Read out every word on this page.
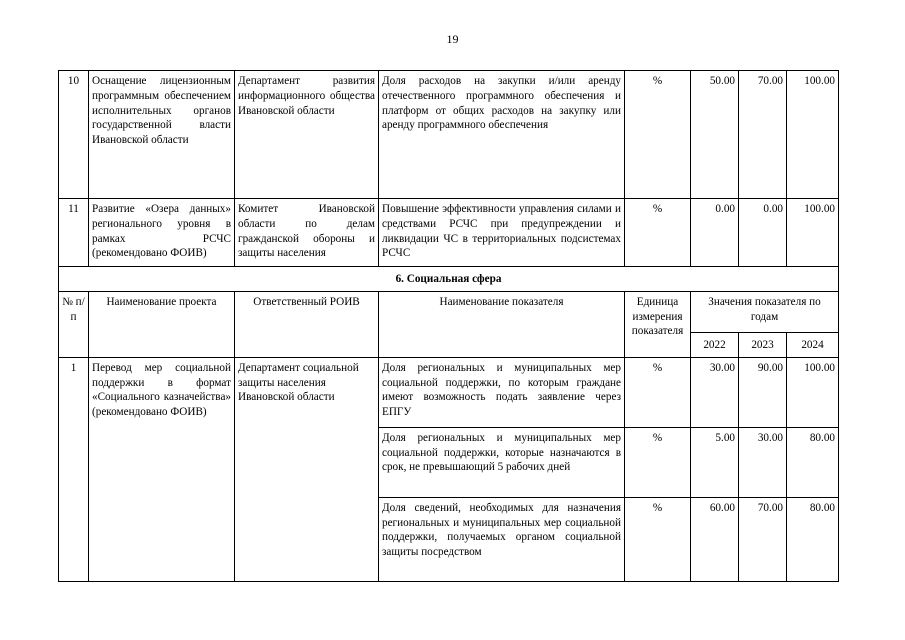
19
10	Оснащение лицензионным программным обеспечением исполнительных органов государственной власти Ивановской области	Департамент развития информационного общества Ивановской области	Доля расходов на закупки и/или аренду отечественного программного обеспечения и платформ от общих расходов на закупку или аренду программного обеспечения	%	50.00	70.00	100.00
11	Развитие «Озера данных» регионального уровня в рамках РСЧС (рекомендовано ФОИВ)	Комитет Ивановской области по делам гражданской обороны и защиты населения	Повышение эффективности управления силами и средствами РСЧС при предупреждении и ликвидации ЧС в территориальных подсистемах РСЧС	%	0.00	0.00	100.00
6. Социальная сфера							
№ п/п	Наименование проекта	Ответственный РОИВ	Наименование показателя	Единица измерения показателя	Значения показателя по годам		
					2022	2023	2024
1	Перевод мер социальной поддержки в формат «Социального казначейства» (рекомендовано ФОИВ)	Департамент социальной защиты населения Ивановской области	Доля региональных и муниципальных мер социальной поддержки, по которым граждане имеют возможность подать заявление через ЕПГУ	%	30.00	90.00	100.00
			Доля региональных и муниципальных мер социальной поддержки, которые назначаются в срок, не превышающий 5 рабочих дней	%	5.00	30.00	80.00
			Доля сведений, необходимых для назначения региональных и муниципальных мер социальной поддержки, получаемых органом социальной защиты посредством	%	60.00	70.00	80.00
